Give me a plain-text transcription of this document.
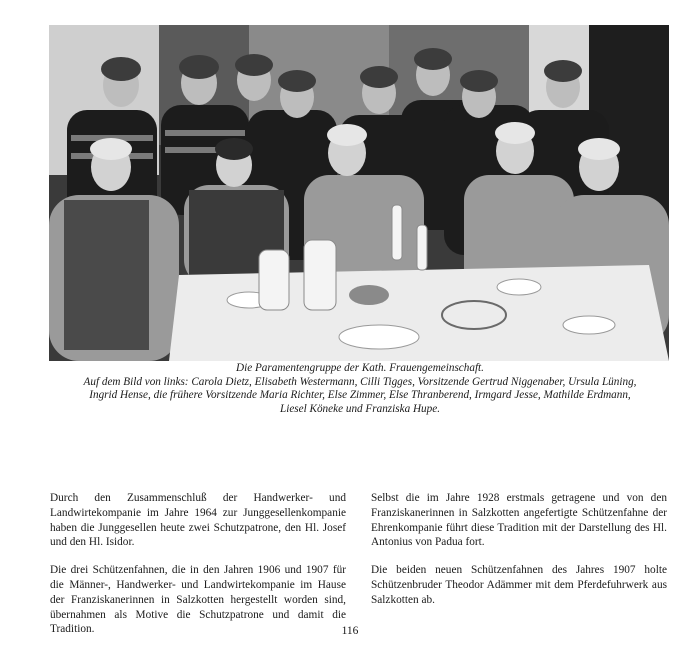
Die Paramentengruppe der Kath. Frauengemeinschaft.
Auf dem Bild von links: Carola Dietz, Elisabeth Westermann, Cilli Tigges, Vorsitzende Gertrud Niggenaber, Ursula Lüning,
Ingrid Hense, die frühere Vorsitzende Maria Richter, Else Zimmer, Else Thranberend, Irmgard Jesse, Mathilde Erdmann,
Liesel Köneke und Franziska Hupe.

Durch den Zusammenschluß der Handwerker- und Landwirtekompanie im Jahre 1964 zur Junggesellenkompanie haben die Junggesellen heute zwei Schutzpatrone, den Hl. Josef und den Hl. Isidor.

Die drei Schützenfahnen, die in den Jahren 1906 und 1907 für die Männer-, Handwerker- und Landwirtekompanie im Hause der Franziskanerinnen in Salzkotten hergestellt worden sind, übernahmen als Motive die Schutzpatrone und damit die Tradition.

Selbst die im Jahre 1928 erstmals getragene und von den Franziskanerinnen in Salzkotten angefertigte Schützenfahne der Ehrenkompanie führt diese Tradition mit der Darstellung des Hl. Antonius von Padua fort.

Die beiden neuen Schützenfahnen des Jahres 1907 holte Schützenbruder Theodor Adämmer mit dem Pferdefuhrwerk aus Salzkotten ab.

116
